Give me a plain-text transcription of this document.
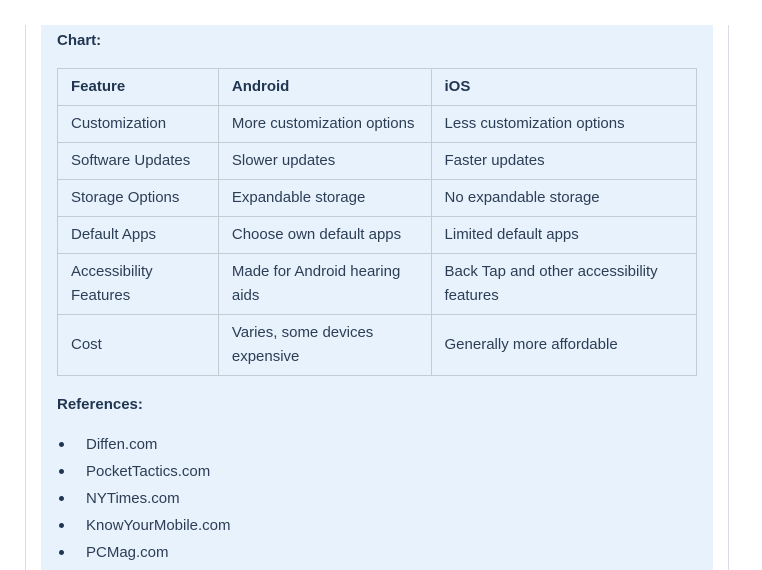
Chart:
Feature	Android	iOS
Customization	More customization options	Less customization options
Software Updates	Slower updates	Faster updates
Storage Options	Expandable storage	No expandable storage
Default Apps	Choose own default apps	Limited default apps
Accessibility Features	Made for Android hearing aids	Back Tap and other accessibility features
Cost	Varies, some devices expensive	Generally more affordable
References:
Diffen.com
PocketTactics.com
NYTimes.com
KnowYourMobile.com
PCMag.com
